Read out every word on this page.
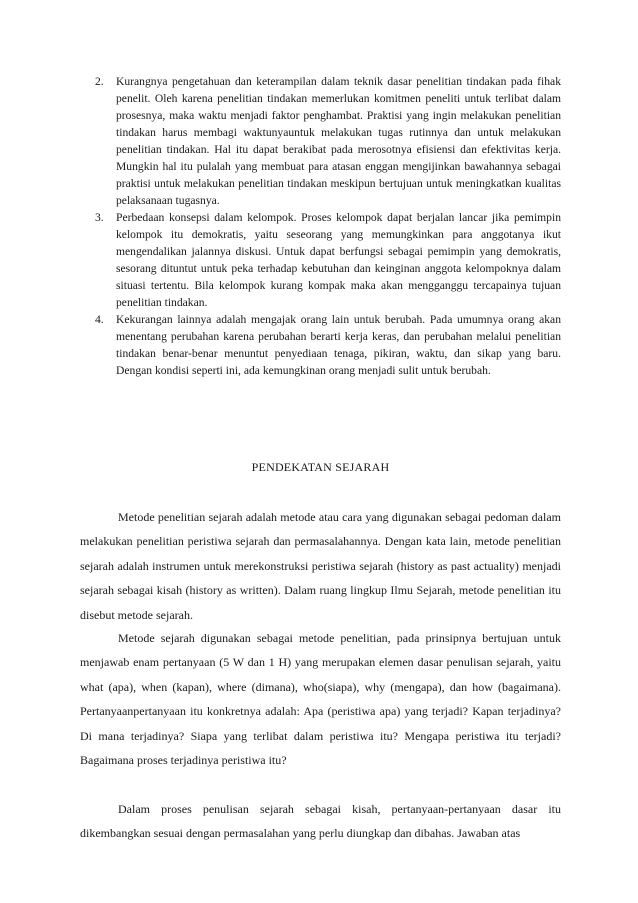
2. Kurangnya pengetahuan dan keterampilan dalam teknik dasar penelitian tindakan pada fihak penelit. Oleh karena penelitian tindakan memerlukan komitmen peneliti untuk terlibat dalam prosesnya, maka waktu menjadi faktor penghambat. Praktisi yang ingin melakukan penelitian tindakan harus membagi waktunyauntuk melakukan tugas rutinnya dan untuk melakukan penelitian tindakan. Hal itu dapat berakibat pada merosotnya efisiensi dan efektivitas kerja. Mungkin hal itu pulalah yang membuat para atasan enggan mengijinkan bawahannya sebagai praktisi untuk melakukan penelitian tindakan meskipun bertujuan untuk meningkatkan kualitas pelaksanaan tugasnya.
3. Perbedaan konsepsi dalam kelompok. Proses kelompok dapat berjalan lancar jika pemimpin kelompok itu demokratis, yaitu seseorang yang memungkinkan para anggotanya ikut mengendalikan jalannya diskusi. Untuk dapat berfungsi sebagai pemimpin yang demokratis, sesorang dituntut untuk peka terhadap kebutuhan dan keinginan anggota kelompoknya dalam situasi tertentu. Bila kelompok kurang kompak maka akan mengganggu tercapainya tujuan penelitian tindakan.
4. Kekurangan lainnya adalah mengajak orang lain untuk berubah. Pada umumnya orang akan menentang perubahan karena perubahan berarti kerja keras, dan perubahan melalui penelitian tindakan benar-benar menuntut penyediaan tenaga, pikiran, waktu, dan sikap yang baru. Dengan kondisi seperti ini, ada kemungkinan orang menjadi sulit untuk berubah.
PENDEKATAN SEJARAH

Metode penelitian sejarah adalah metode atau cara yang digunakan sebagai pedoman dalam melakukan penelitian peristiwa sejarah dan permasalahannya. Dengan kata lain, metode penelitian sejarah adalah instrumen untuk merekonstruksi peristiwa sejarah (history as past actuality) menjadi sejarah sebagai kisah (history as written). Dalam ruang lingkup Ilmu Sejarah, metode penelitian itu disebut metode sejarah.

Metode sejarah digunakan sebagai metode penelitian, pada prinsipnya bertujuan untuk menjawab enam pertanyaan (5 W dan 1 H) yang merupakan elemen dasar penulisan sejarah, yaitu what (apa), when (kapan), where (dimana), who(siapa), why (mengapa), dan how (bagaimana). Pertanyaanpertanyaan itu konkretnya adalah: Apa (peristiwa apa) yang terjadi? Kapan terjadinya? Di mana terjadinya? Siapa yang terlibat dalam peristiwa itu? Mengapa peristiwa itu terjadi? Bagaimana proses terjadinya peristiwa itu?

Dalam proses penulisan sejarah sebagai kisah, pertanyaan-pertanyaan dasar itu dikembangkan sesuai dengan permasalahan yang perlu diungkap dan dibahas. Jawaban atas
